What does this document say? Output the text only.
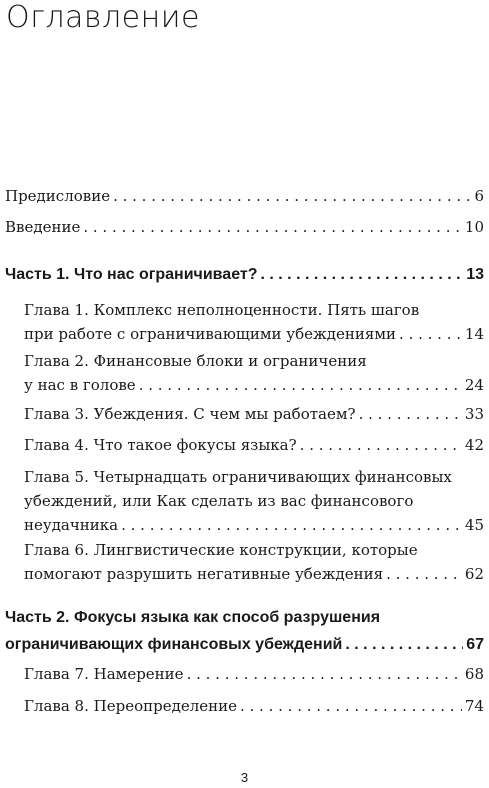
Оглавление
Предисловие . . .	6
Введение . . .	10
Часть 1. Что нас ограничивает? . . .	13
Глава 1. Комплекс неполноценности. Пять шагов
при работе с ограничивающими убеждениями . . .	14
Глава 2. Финансовые блоки и ограничения
у нас в голове . . .	24
Глава 3. Убеждения. С чем мы работаем? . . .	33
Глава 4. Что такое фокусы языка? . . .	42
Глава 5. Четырнадцать ограничивающих финансовых
убеждений, или Как сделать из вас финансового
неудачника . . .	45
Глава 6. Лингвистические конструкции, которые
помогают разрушить негативные убеждения . . .	62
Часть 2. Фокусы языка как способ разрушения
ограничивающих финансовых убеждений . . .	67
Глава 7. Намерение . . .	68
Глава 8. Переопределение . . .	74
3
